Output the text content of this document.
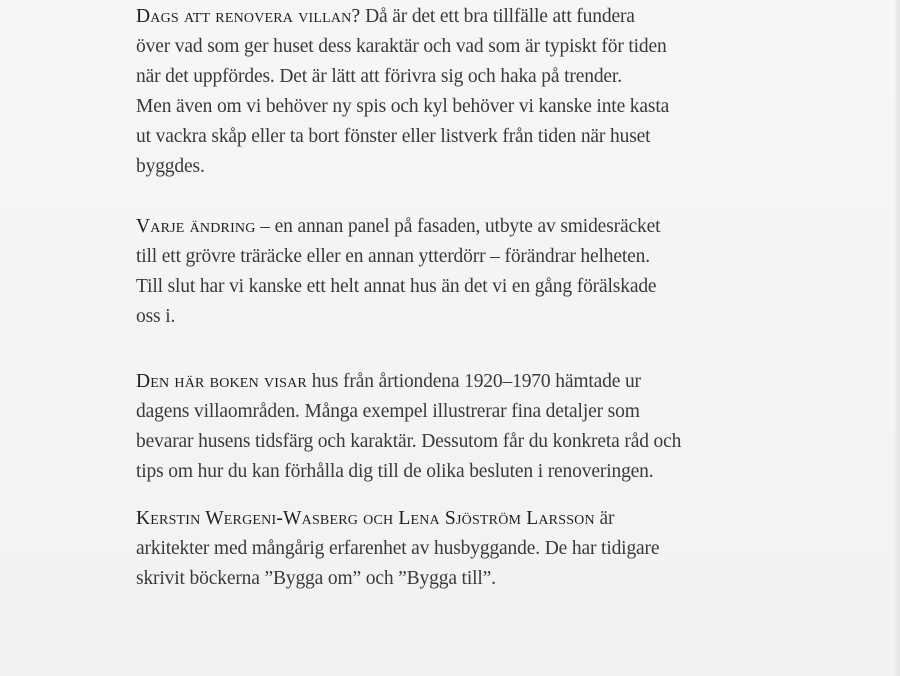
Dags att renovera villan? Då är det ett bra tillfälle att fundera
över vad som ger huset dess karaktär och vad som är typiskt för tiden
när det uppfördes. Det är lätt att förivra sig och haka på trender.
Men även om vi behöver ny spis och kyl behöver vi kanske inte kasta
ut vackra skåp eller ta bort fönster eller listverk från tiden när huset
byggdes.
Varje ändring – en annan panel på fasaden, utbyte av smidesräcket
till ett grövre träräcke eller en annan ytterdörr – förändrar helheten.
Till slut har vi kanske ett helt annat hus än det vi en gång förälskade
oss i.
Den här boken visar hus från årtiondena 1920–1970 hämtade ur
dagens villaområden. Många exempel illustrerar fina detaljer som
bevarar husens tidsfärg och karaktär. Dessutom får du konkreta råd och
tips om hur du kan förhålla dig till de olika besluten i renoveringen.
Kerstin Wergeni-Wasberg och Lena Sjöström Larsson är
arkitekter med mångårig erfarenhet av husbyggande. De har tidigare
skrivit böckerna ”Bygga om” och ”Bygga till”.
